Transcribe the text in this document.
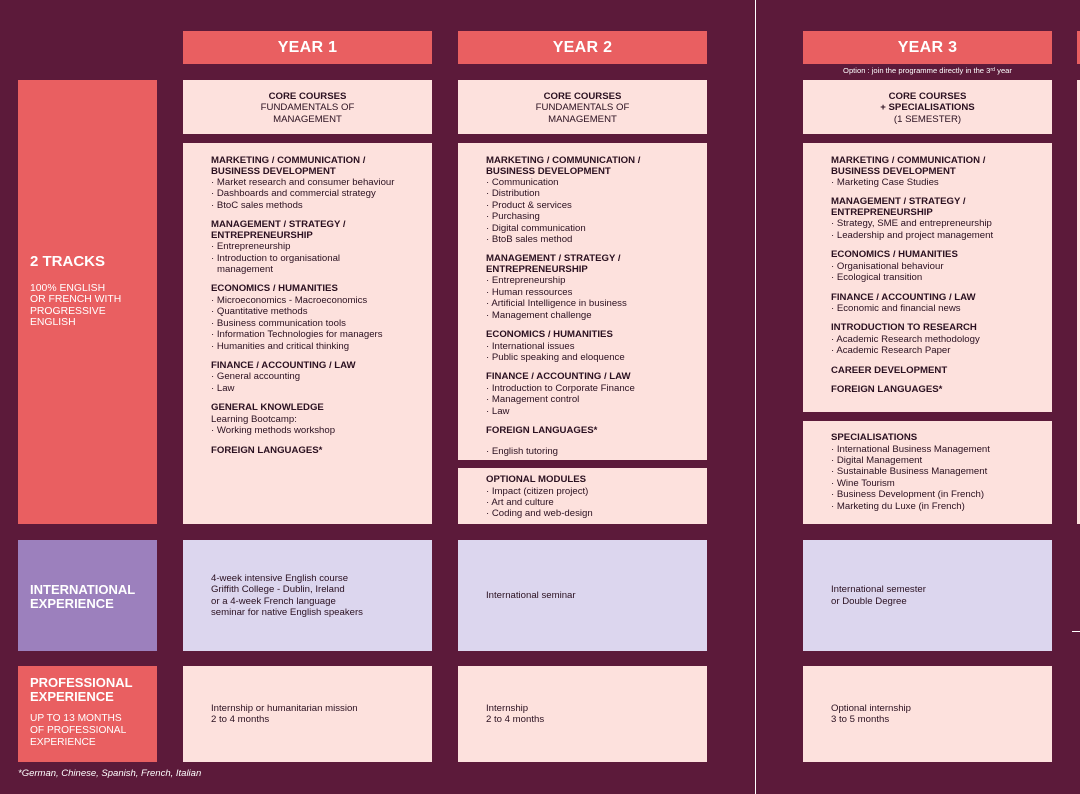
YEAR 1	YEAR 2	YEAR 3
Option : join the programme directly in the 3ʳᵈ year
2 TRACKS
100% ENGLISH
OR FRENCH WITH
PROGRESSIVE
ENGLISH
INTERNATIONAL
EXPERIENCE
PROFESSIONAL
EXPERIENCE
UP TO 13 MONTHS
OF PROFESSIONAL
EXPERIENCE
CORE COURSES
FUNDAMENTALS OF
MANAGEMENT
CORE COURSES
FUNDAMENTALS OF
MANAGEMENT
CORE COURSES
+ SPECIALISATIONS
(1 SEMESTER)
MARKETING / COMMUNICATION /
BUSINESS DEVELOPMENT
· Market research and consumer behaviour
· Dashboards and commercial strategy
· BtoC sales methods
MANAGEMENT / STRATEGY /
ENTREPRENEURSHIP
· Entrepreneurship
· Introduction to organisational
management
ECONOMICS / HUMANITIES
· Microeconomics - Macroeconomics
· Quantitative methods
· Business communication tools
· Information Technologies for managers
· Humanities and critical thinking
FINANCE / ACCOUNTING / LAW
· General accounting
· Law
GENERAL KNOWLEDGE
Learning Bootcamp:
· Working methods workshop
FOREIGN LANGUAGES*
MARKETING / COMMUNICATION /
BUSINESS DEVELOPMENT
· Communication
· Distribution
· Product & services
· Purchasing
· Digital communication
· BtoB sales method
MANAGEMENT / STRATEGY /
ENTREPRENEURSHIP
· Entrepreneurship
· Human ressources
· Artificial Intelligence in business
· Management challenge
ECONOMICS / HUMANITIES
· International issues
· Public speaking and eloquence
FINANCE / ACCOUNTING / LAW
· Introduction to Corporate Finance
· Management control
· Law
FOREIGN LANGUAGES*
· English tutoring
OPTIONAL MODULES
· Impact (citizen project)
· Art and culture
· Coding and web-design
MARKETING / COMMUNICATION /
BUSINESS DEVELOPMENT
· Marketing Case Studies
MANAGEMENT / STRATEGY /
ENTREPRENEURSHIP
· Strategy, SME and entrepreneurship
· Leadership and project management
ECONOMICS / HUMANITIES
· Organisational behaviour
· Ecological transition
FINANCE / ACCOUNTING / LAW
· Economic and financial news
INTRODUCTION TO RESEARCH
· Academic Research methodology
· Academic Research Paper
CAREER DEVELOPMENT
FOREIGN LANGUAGES*
SPECIALISATIONS
· International Business Management
· Digital Management
· Sustainable Business Management
· Wine Tourism
· Business Development (in French)
· Marketing du Luxe (in French)
4-week intensive English course
Griffith College - Dublin, Ireland
or a 4-week French language
seminar for native English speakers
International seminar
International semester
or Double Degree
Internship or humanitarian mission
2 to 4 months
Internship
2 to 4 months
Optional internship
3 to 5 months
*German, Chinese, Spanish, French, Italian
